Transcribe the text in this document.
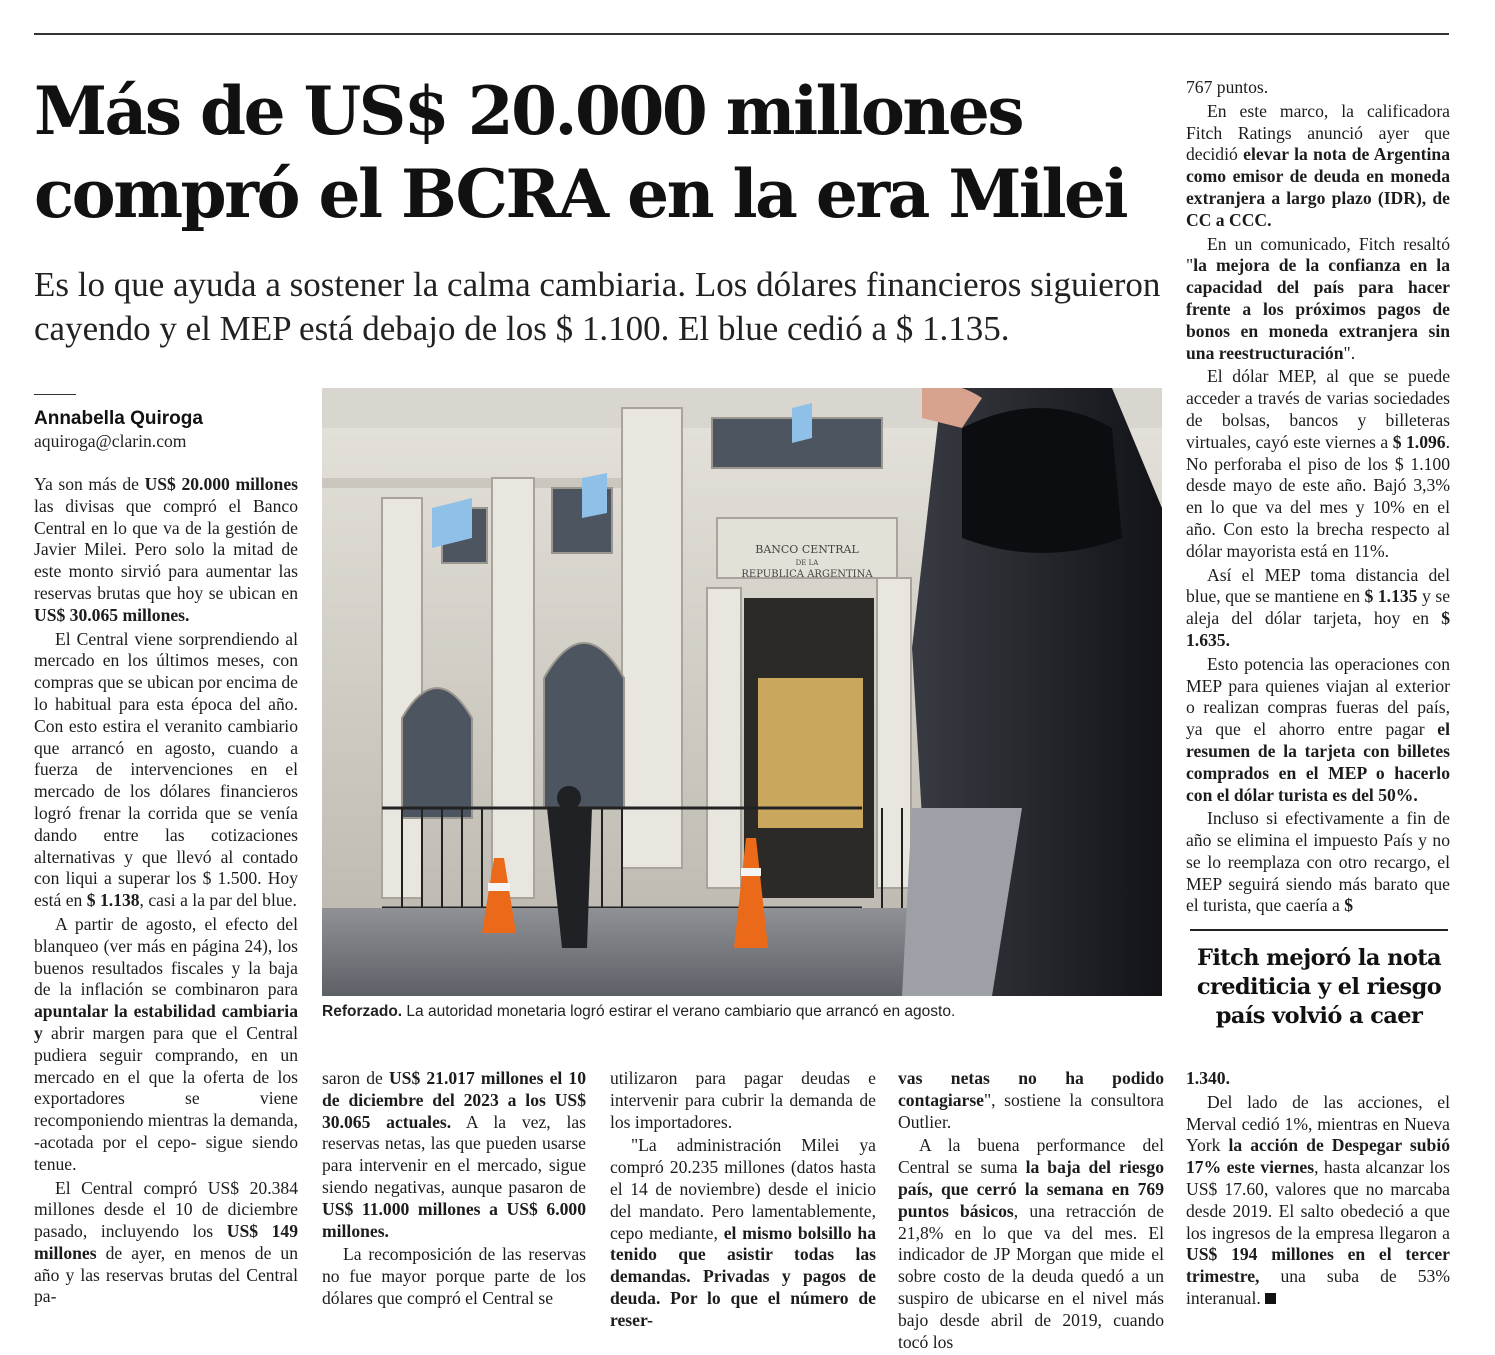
Más de US$ 20.000 millones compró el BCRA en la era Milei

Es lo que ayuda a sostener la calma cambiaria. Los dólares financieros siguieron cayendo y el MEP está debajo de los $ 1.100. El blue cedió a $ 1.135.

Annabella Quiroga
aquiroga@clarin.com

Ya son más de US$ 20.000 millones las divisas que compró el Banco Central en lo que va de la gestión de Javier Milei. Pero solo la mitad de este monto sirvió para aumentar las reservas brutas que hoy se ubican en US$ 30.065 millones.

El Central viene sorprendiendo al mercado en los últimos meses, con compras que se ubican por encima de lo habitual para esta época del año. Con esto estira el veranito cambiario que arrancó en agosto, cuando a fuerza de intervenciones en el mercado de los dólares financieros logró frenar la corrida que se venía dando entre las cotizaciones alternativas y que llevó al contado con liqui a superar los $ 1.500. Hoy está en $ 1.138, casi a la par del blue.

A partir de agosto, el efecto del blanqueo (ver más en página 24), los buenos resultados fiscales y la baja de la inflación se combinaron para apuntalar la estabilidad cambiaria y abrir margen para que el Central pudiera seguir comprando, en un mercado en el que la oferta de los exportadores se viene recomponiendo mientras la demanda, -acotada por el cepo- sigue siendo tenue.

El Central compró US$ 20.384 millones desde el 10 de diciembre pasado, incluyendo los US$ 149 millones de ayer, en menos de un año y las reservas brutas del Central pa-

BANCO CENTRAL
DE LA
REPUBLICA ARGENTINA
Reforzado. La autoridad monetaria logró estirar el verano cambiario que arrancó en agosto.

saron de US$ 21.017 millones el 10 de diciembre del 2023 a los US$ 30.065 actuales. A la vez, las reservas netas, las que pueden usarse para intervenir en el mercado, sigue siendo negativas, aunque pasaron de US$ 11.000 millones a US$ 6.000 millones.

La recomposición de las reservas no fue mayor porque parte de los dólares que compró el Central se

utilizaron para pagar deudas e intervenir para cubrir la demanda de los importadores.

"La administración Milei ya compró 20.235 millones (datos hasta el 14 de noviembre) desde el inicio del mandato. Pero lamentablemente, cepo mediante, el mismo bolsillo ha tenido que asistir todas las demandas. Privadas y pagos de deuda. Por lo que el número de reser-

vas netas no ha podido contagiarse", sostiene la consultora Outlier.

A la buena performance del Central se suma la baja del riesgo país, que cerró la semana en 769 puntos básicos, una retracción de 21,8% en lo que va del mes. El indicador de JP Morgan que mide el sobre costo de la deuda quedó a un suspiro de ubicarse en el nivel más bajo desde abril de 2019, cuando tocó los

767 puntos.

En este marco, la calificadora Fitch Ratings anunció ayer que decidió elevar la nota de Argentina como emisor de deuda en moneda extranjera a largo plazo (IDR), de CC a CCC.

En un comunicado, Fitch resaltó "la mejora de la confianza en la capacidad del país para hacer frente a los próximos pagos de bonos en moneda extranjera sin una reestructuración".

El dólar MEP, al que se puede acceder a través de varias sociedades de bolsas, bancos y billeteras virtuales, cayó este viernes a $ 1.096. No perforaba el piso de los $ 1.100 desde mayo de este año. Bajó 3,3% en lo que va del mes y 10% en el año. Con esto la brecha respecto al dólar mayorista está en 11%.

Así el MEP toma distancia del blue, que se mantiene en $ 1.135 y se aleja del dólar tarjeta, hoy en $ 1.635.

Esto potencia las operaciones con MEP para quienes viajan al exterior o realizan compras fueras del país, ya que el ahorro entre pagar el resumen de la tarjeta con billetes comprados en el MEP o hacerlo con el dólar turista es del 50%.

Incluso si efectivamente a fin de año se elimina el impuesto País y no se lo reemplaza con otro recargo, el MEP seguirá siendo más barato que el turista, que caería a $

Fitch mejoró la nota crediticia y el riesgo país volvió a caer

1.340.

Del lado de las acciones, el Merval cedió 1%, mientras en Nueva York la acción de Despegar subió 17% este viernes, hasta alcanzar los US$ 17.60, valores que no marcaba desde 2019. El salto obedeció a que los ingresos de la empresa llegaron a US$ 194 millones en el tercer trimestre, una suba de 53% interanual.
